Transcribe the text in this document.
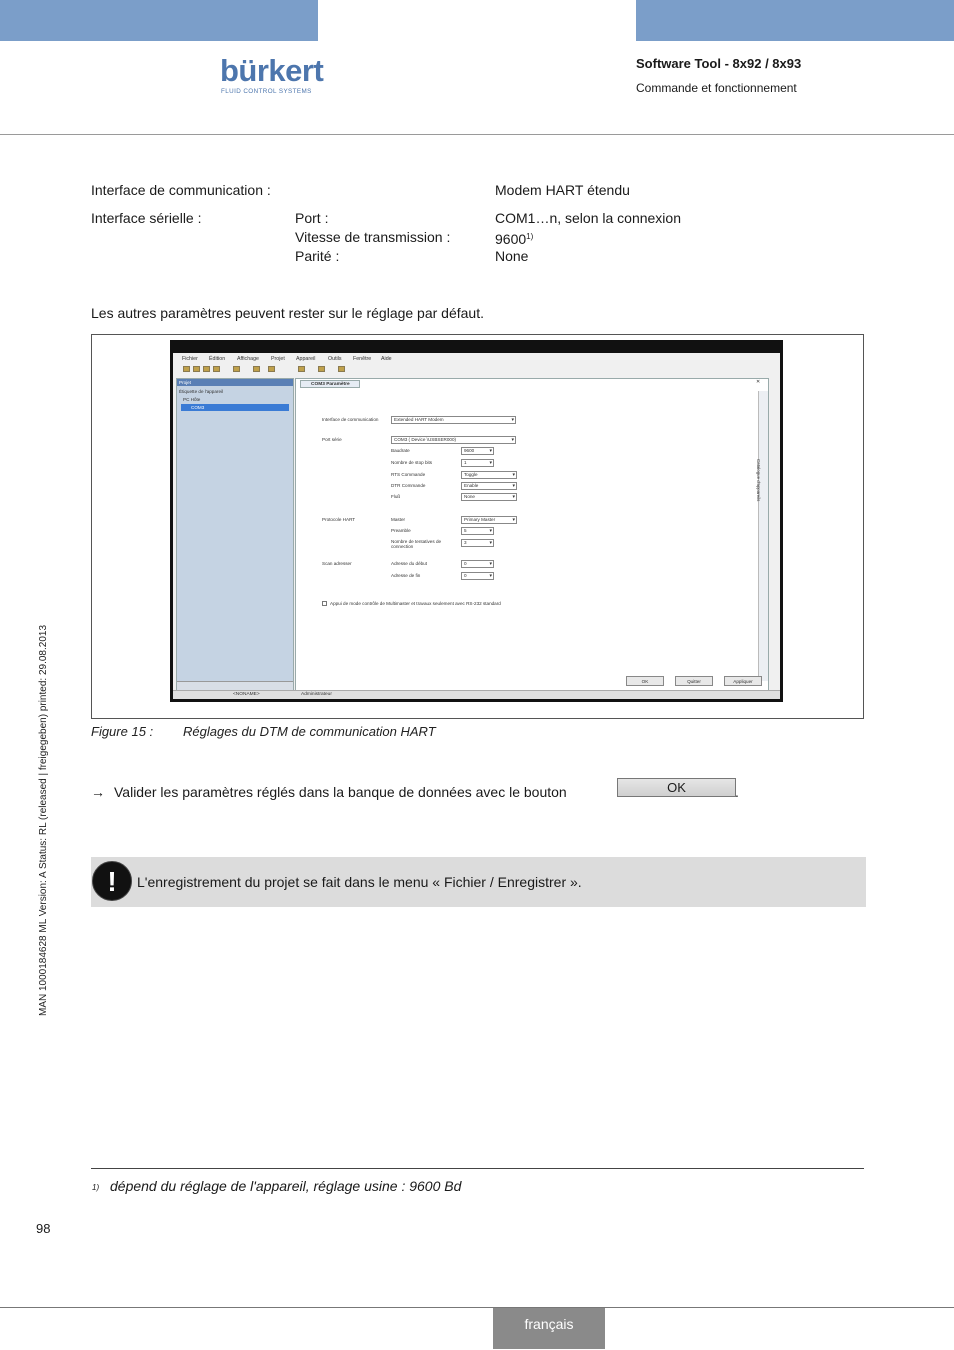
bürkert
FLUID CONTROL SYSTEMS
Software Tool - 8x92 / 8x93
Commande et fonctionnement
MAN 1000184628 ML Version: A Status: RL (released | freigegeben) printed: 29.08.2013
Interface de communication :	Modem HART étendu
Interface sérielle :	Port :	COM1…n, selon la connexion
Vitesse de transmission :	9600$^{1)}$
Parité :	None
Les autres paramètres peuvent rester sur le réglage par défaut.
Fichier Édition Affichage Projet Appareil Outils Fenêtre Aide
Projet
Étiquette de l'appareil
PC Hôte
COM3
COM3 Paramètre	✕
Catalogue d'appareils
Interface de communication	Extended HART Modem ▾
Port série	COM3 ( Device \USBSER000) ▾
Baudrate	9600 ▾
Nombre de stop bits	1 ▾
RTS Commande	Toggle ▾
DTR Commande	Enable ▾
Fluß	None ▾
Protocole HART	Master	Primary Master ▾
Preamble	5 ▾
Nombre de tentatives de connection
3 ▾
Scan adresser	Adresse du début	0 ▾
Adresse de fin	0 ▾
Appui de mode contrôle de Multimaster et travaux seulement avec RS-232 standard
OK	Quitter	Appliquer
<NONAME>	Administrateur
Figure 15 : Réglages du DTM de communication HART
→ Valider les paramètres réglés dans la banque de données avec le bouton	OK	.
!	L'enregistrement du projet se fait dans le menu « Fichier / Enregistrer ».
1) dépend du réglage de l'appareil, réglage usine : 9600 Bd
98
français
